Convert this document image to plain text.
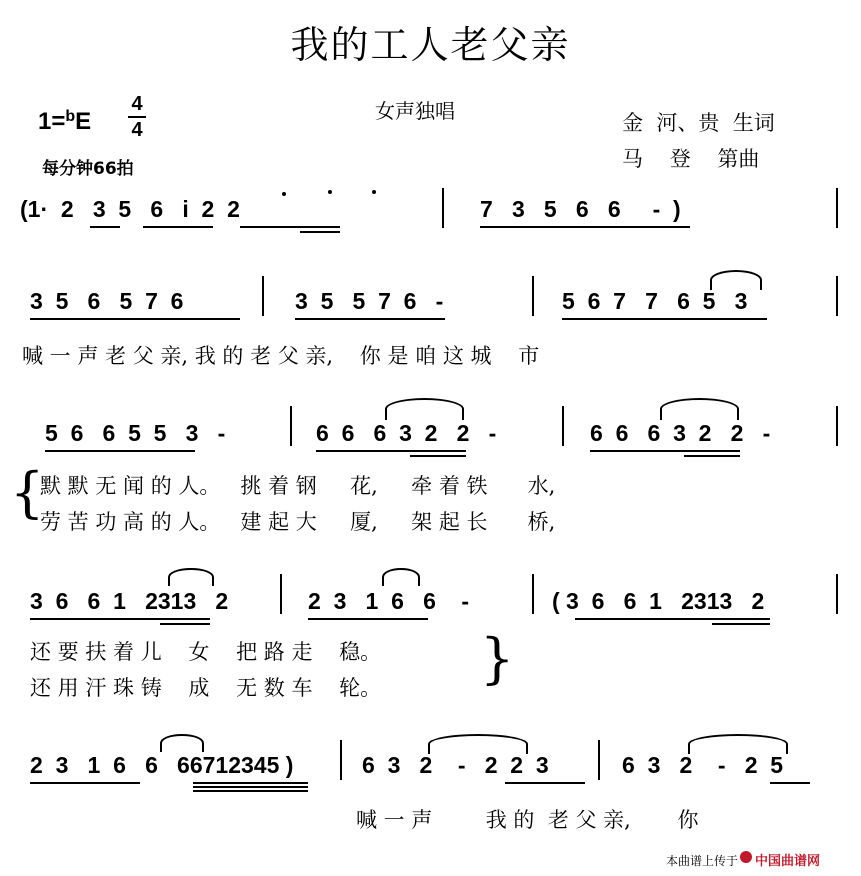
我的工人老父亲
1=$^b$E
4
4
每分钟66拍
女声独唱	金  河、贵  生词
马    登    第曲
(1·  2   3  5   6   i  2  2	7   3   5   6   6     -  )
3  5   6   5  7  6	3  5   5  7  6   -	5  6  7   7   6  5   3
喊 一 声 老 父 亲, 我 的 老 父 亲,    你 是 咱 这 城    市
5  6   6  5  5   3   -	6  6   6  3  2   2   -	6  6   6  3  2   2   -
{
默 默 无 闻 的 人。   挑 着 钢     花,     牵 着 铁      水,
劳 苦 功 高 的 人。   建 起 大     厦,     架 起 长      桥,
3  6   6  1   2313   2	2  3   1  6   6    -	( 3  6   6  1   2313   2
还 要 扶 着 儿    女    把 路 走    稳。
还 用 汗 珠 铸    成    无 数 车    轮。 }
2  3   1  6   6   66712345 )	6  3   2    -   2  2  3	6  3   2    -   2  5
喊 一 声        我 的  老 父 亲,       你
本曲谱上传于 中国曲谱网
